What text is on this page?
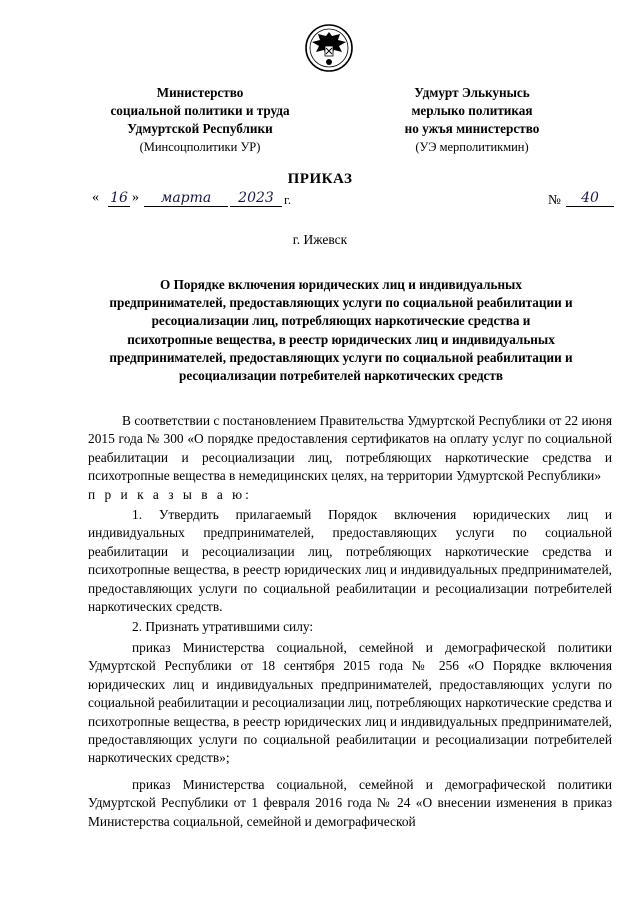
Министерство
социальной политики и труда
Удмуртской Республики
(Минсоцполитики УР)
Удмурт Элькунысь
мерлыко политикая
но ужъя министерство
(УЭ мерполитикмин)
ПРИКАЗ
« 16 »	марта	2023 г.	№	40
г. Ижевск
О Порядке включения юридических лиц и индивидуальных предпринимателей, предоставляющих услуги по социальной реабилитации и ресоциализации лиц, потребляющих наркотические средства и психотропные вещества, в реестр юридических лиц и индивидуальных предпринимателей, предоставляющих услуги по социальной реабилитации и ресоциализации потребителей наркотических средств

В соответствии с постановлением Правительства Удмуртской Республики от 22 июня 2015 года № 300 «О порядке предоставления сертификатов на оплату услуг по социальной реабилитации и ресоциализации лиц, потребляющих наркотические средства и психотропные вещества в немедицинских целях, на территории Удмуртской Республики»
п р и к а з ы в а ю:

1. Утвердить прилагаемый Порядок включения юридических лиц и индивидуальных предпринимателей, предоставляющих услуги по социальной реабилитации и ресоциализации лиц, потребляющих наркотические средства и психотропные вещества, в реестр юридических лиц и индивидуальных предпринимателей, предоставляющих услуги по социальной реабилитации и ресоциализации потребителей наркотических средств.

2. Признать утратившими силу:

приказ Министерства социальной, семейной и демографической политики Удмуртской Республики от 18 сентября 2015 года № 256 «О Порядке включения юридических лиц и индивидуальных предпринимателей, предоставляющих услуги по социальной реабилитации и ресоциализации лиц, потребляющих наркотические средства и психотропные вещества, в реестр юридических лиц и индивидуальных предпринимателей, предоставляющих услуги по социальной реабилитации и ресоциализации потребителей наркотических средств»;

приказ Министерства социальной, семейной и демографической политики Удмуртской Республики от 1 февраля 2016 года № 24 «О внесении изменения в приказ Министерства социальной, семейной и демографической
